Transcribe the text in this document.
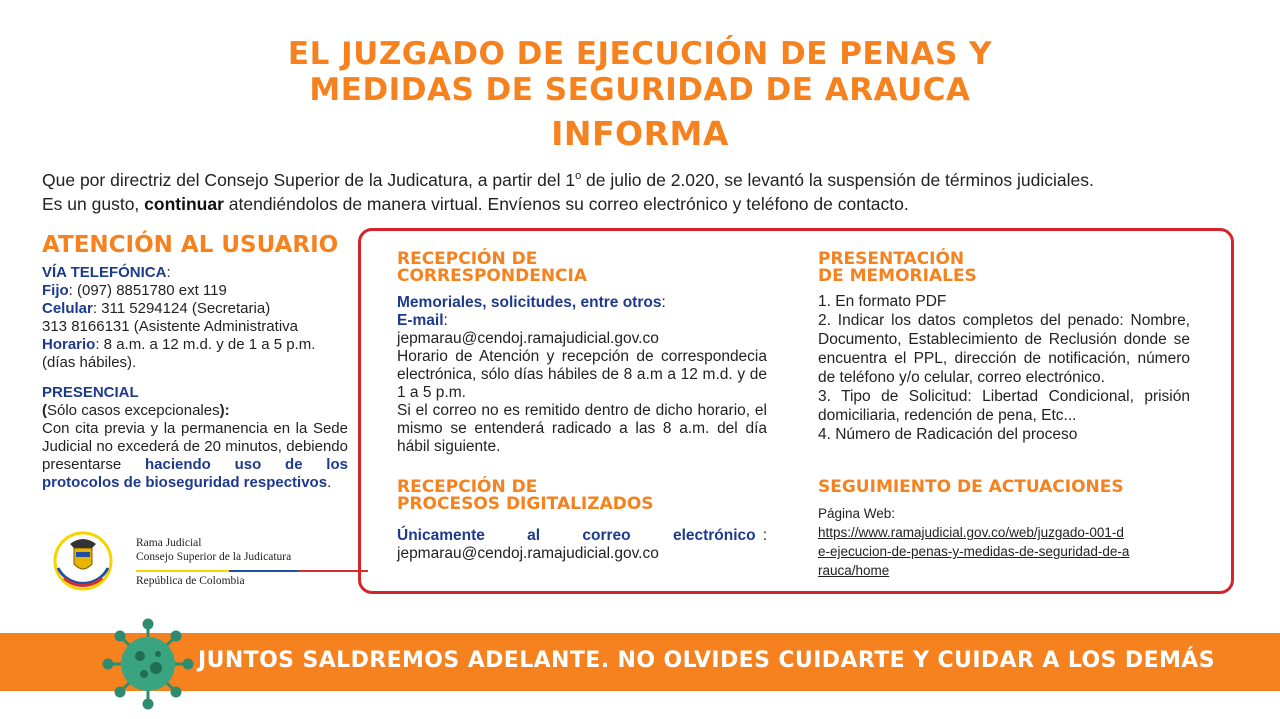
EL JUZGADO DE EJECUCIÓN DE PENAS Y
MEDIDAS DE SEGURIDAD DE ARAUCA
INFORMA
Que por directriz del Consejo Superior de la Judicatura, a partir del 1$^o$ de julio de 2.020, se levantó la suspensión de términos judiciales.
Es un gusto, continuar atendiéndolos de manera virtual. Envíenos su correo electrónico y teléfono de contacto.
ATENCIÓN AL USUARIO

VÍA TELEFÓNICA:

Fijo: (097) 8851780 ext 119

Celular: 311 5294124 (Secretaria)

313 8166131 (Asistente Administrativa

Horario: 8 a.m. a 12 m.d. y de 1 a 5 p.m. (días hábiles).

PRESENCIAL

(Sólo casos excepcionales):

Con cita previa y la permanencia en la Sede Judicial no excederá de 20 minutos, debiendo presentarse haciendo uso de los protocolos de bioseguridad respectivos.

Rama Judicial
Consejo Superior de la Judicatura
República de Colombia
RECEPCIÓN DE
CORRESPONDENCIA

Memoriales, solicitudes, entre otros:

E-mail:

jepmarau@cendoj.ramajudicial.gov.co

Horario de Atención y recepción de correspondecia electrónica, sólo días hábiles de 8 a.m a 12 m.d. y de 1 a 5 p.m.

Si el correo no es remitido dentro de dicho horario, el mismo se entenderá radicado a las 8 a.m. del día hábil siguiente.

RECEPCIÓN DE
PROCESOS DIGITALIZADOS

Únicamente al correo electrónico :

jepmarau@cendoj.ramajudicial.gov.co

PRESENTACIÓN
DE MEMORIALES

1. En formato PDF

2. Indicar los datos completos del penado: Nombre, Documento, Establecimiento de Reclusión donde se encuentra el PPL, dirección de notificación, número de teléfono y/o celular, correo electrónico.

3. Tipo de Solicitud: Libertad Condicional, prisión domiciliaria, redención de pena, Etc...

4. Número de Radicación del proceso

SEGUIMIENTO DE ACTUACIONES

Página Web:

https://www.ramajudicial.gov.co/web/juzgado-001-d

e-ejecucion-de-penas-y-medidas-de-seguridad-de-a

rauca/home

JUNTOS SALDREMOS ADELANTE. NO OLVIDES CUIDARTE Y CUIDAR A LOS DEMÁS
